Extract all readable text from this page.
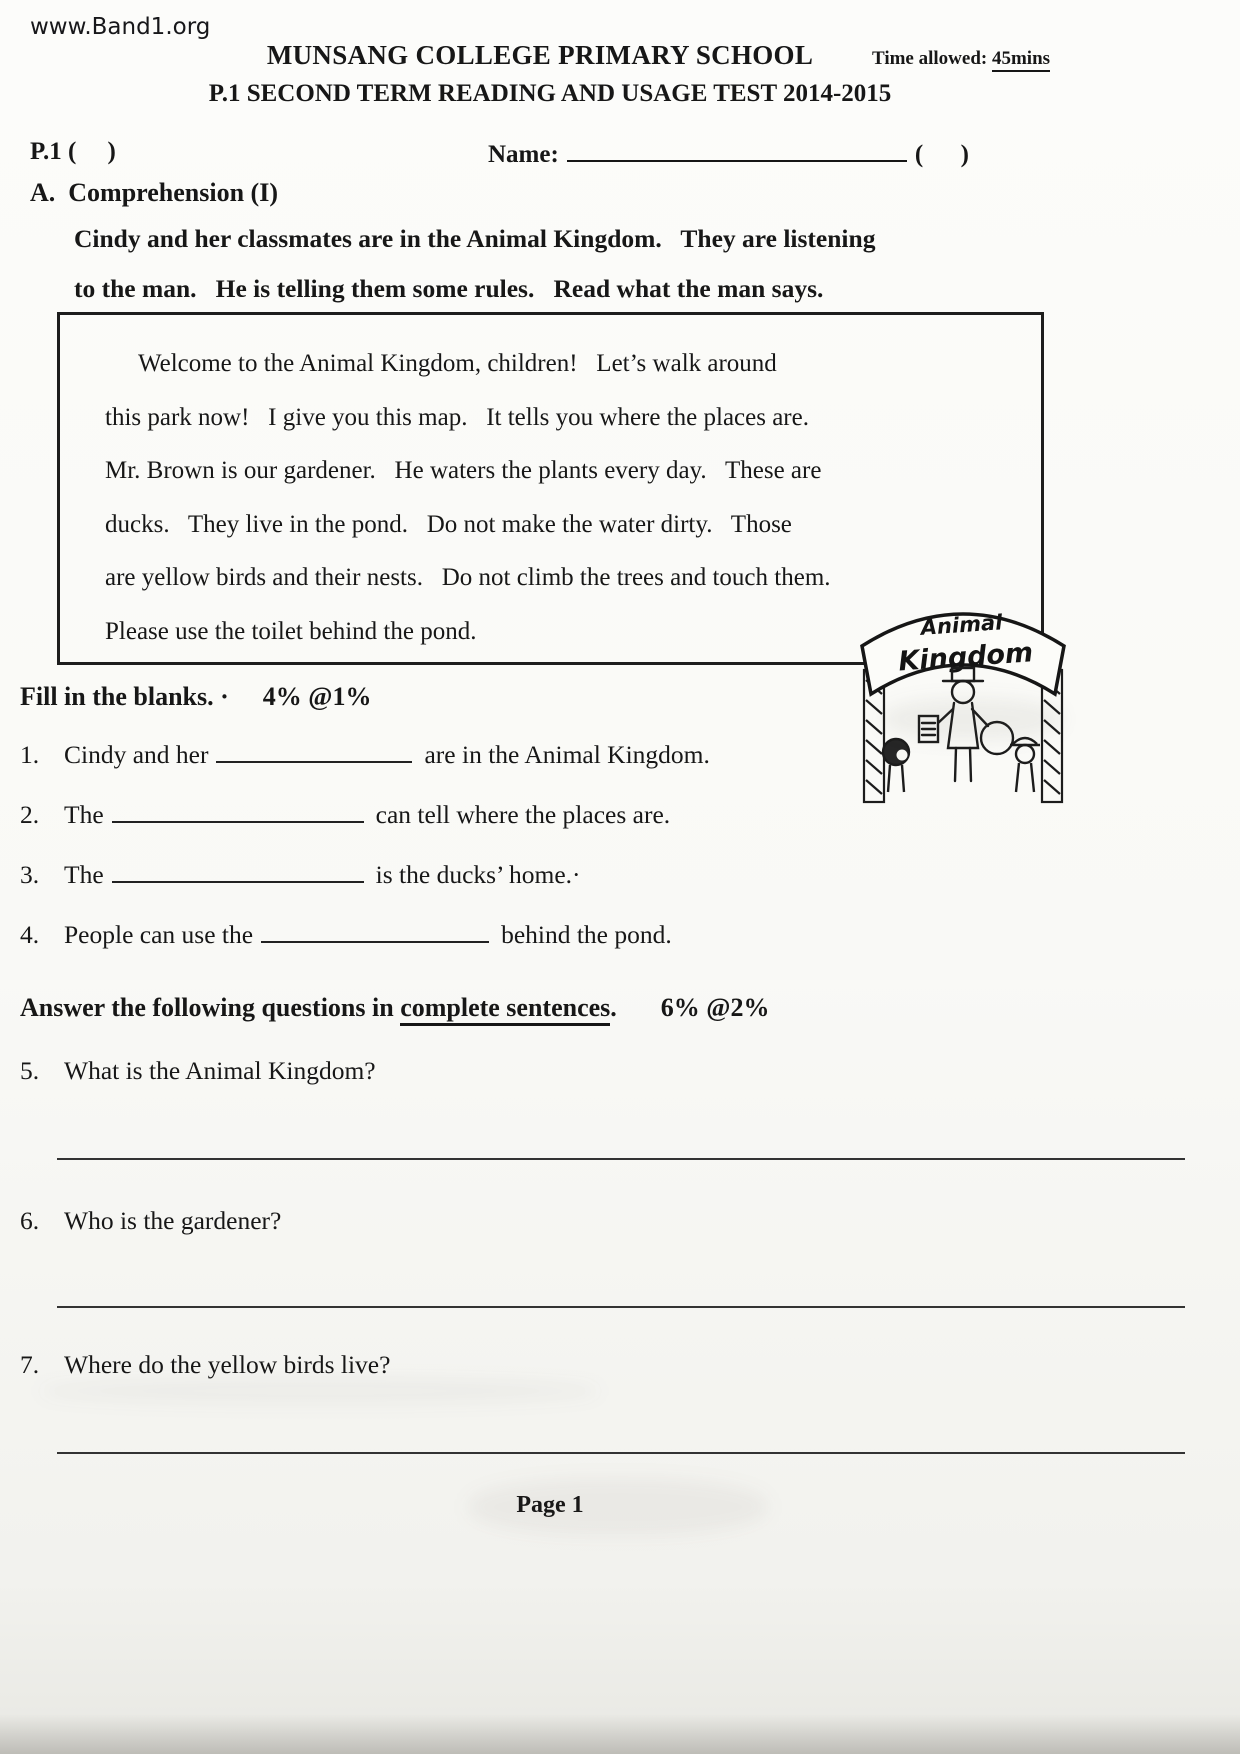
www.Band1.org
MUNSANG COLLEGE PRIMARY SCHOOL	Time allowed: 45mins
P.1 SECOND TERM READING AND USAGE TEST 2014-2015
P.1 (     )	Name:	(      )
A.  Comprehension (I)
Cindy and her classmates are in the Animal Kingdom.   They are listening
to the man.   He is telling them some rules.   Read what the man says.
Welcome to the Animal Kingdom, children!   Let’s walk around
this park now!   I give you this map.   It tells you where the places are.
Mr. Brown is our gardener.   He waters the plants every day.   These are
ducks.   They live in the pond.   Do not make the water dirty.   Those
are yellow birds and their nests.   Do not climb the trees and touch them.
Please use the toilet behind the pond.	Animal
Kingdom
Fill in the blanks. · 4% @1%
1. Cindy and her	are in the Animal Kingdom.
2. The	can tell where the places are.
3. The	is the ducks’ home.·
4. People can use the	behind the pond.
Answer the following questions in complete sentences. 6% @2%
5. What is the Animal Kingdom?
6. Who is the gardener?
7. Where do the yellow birds live?
Page 1
